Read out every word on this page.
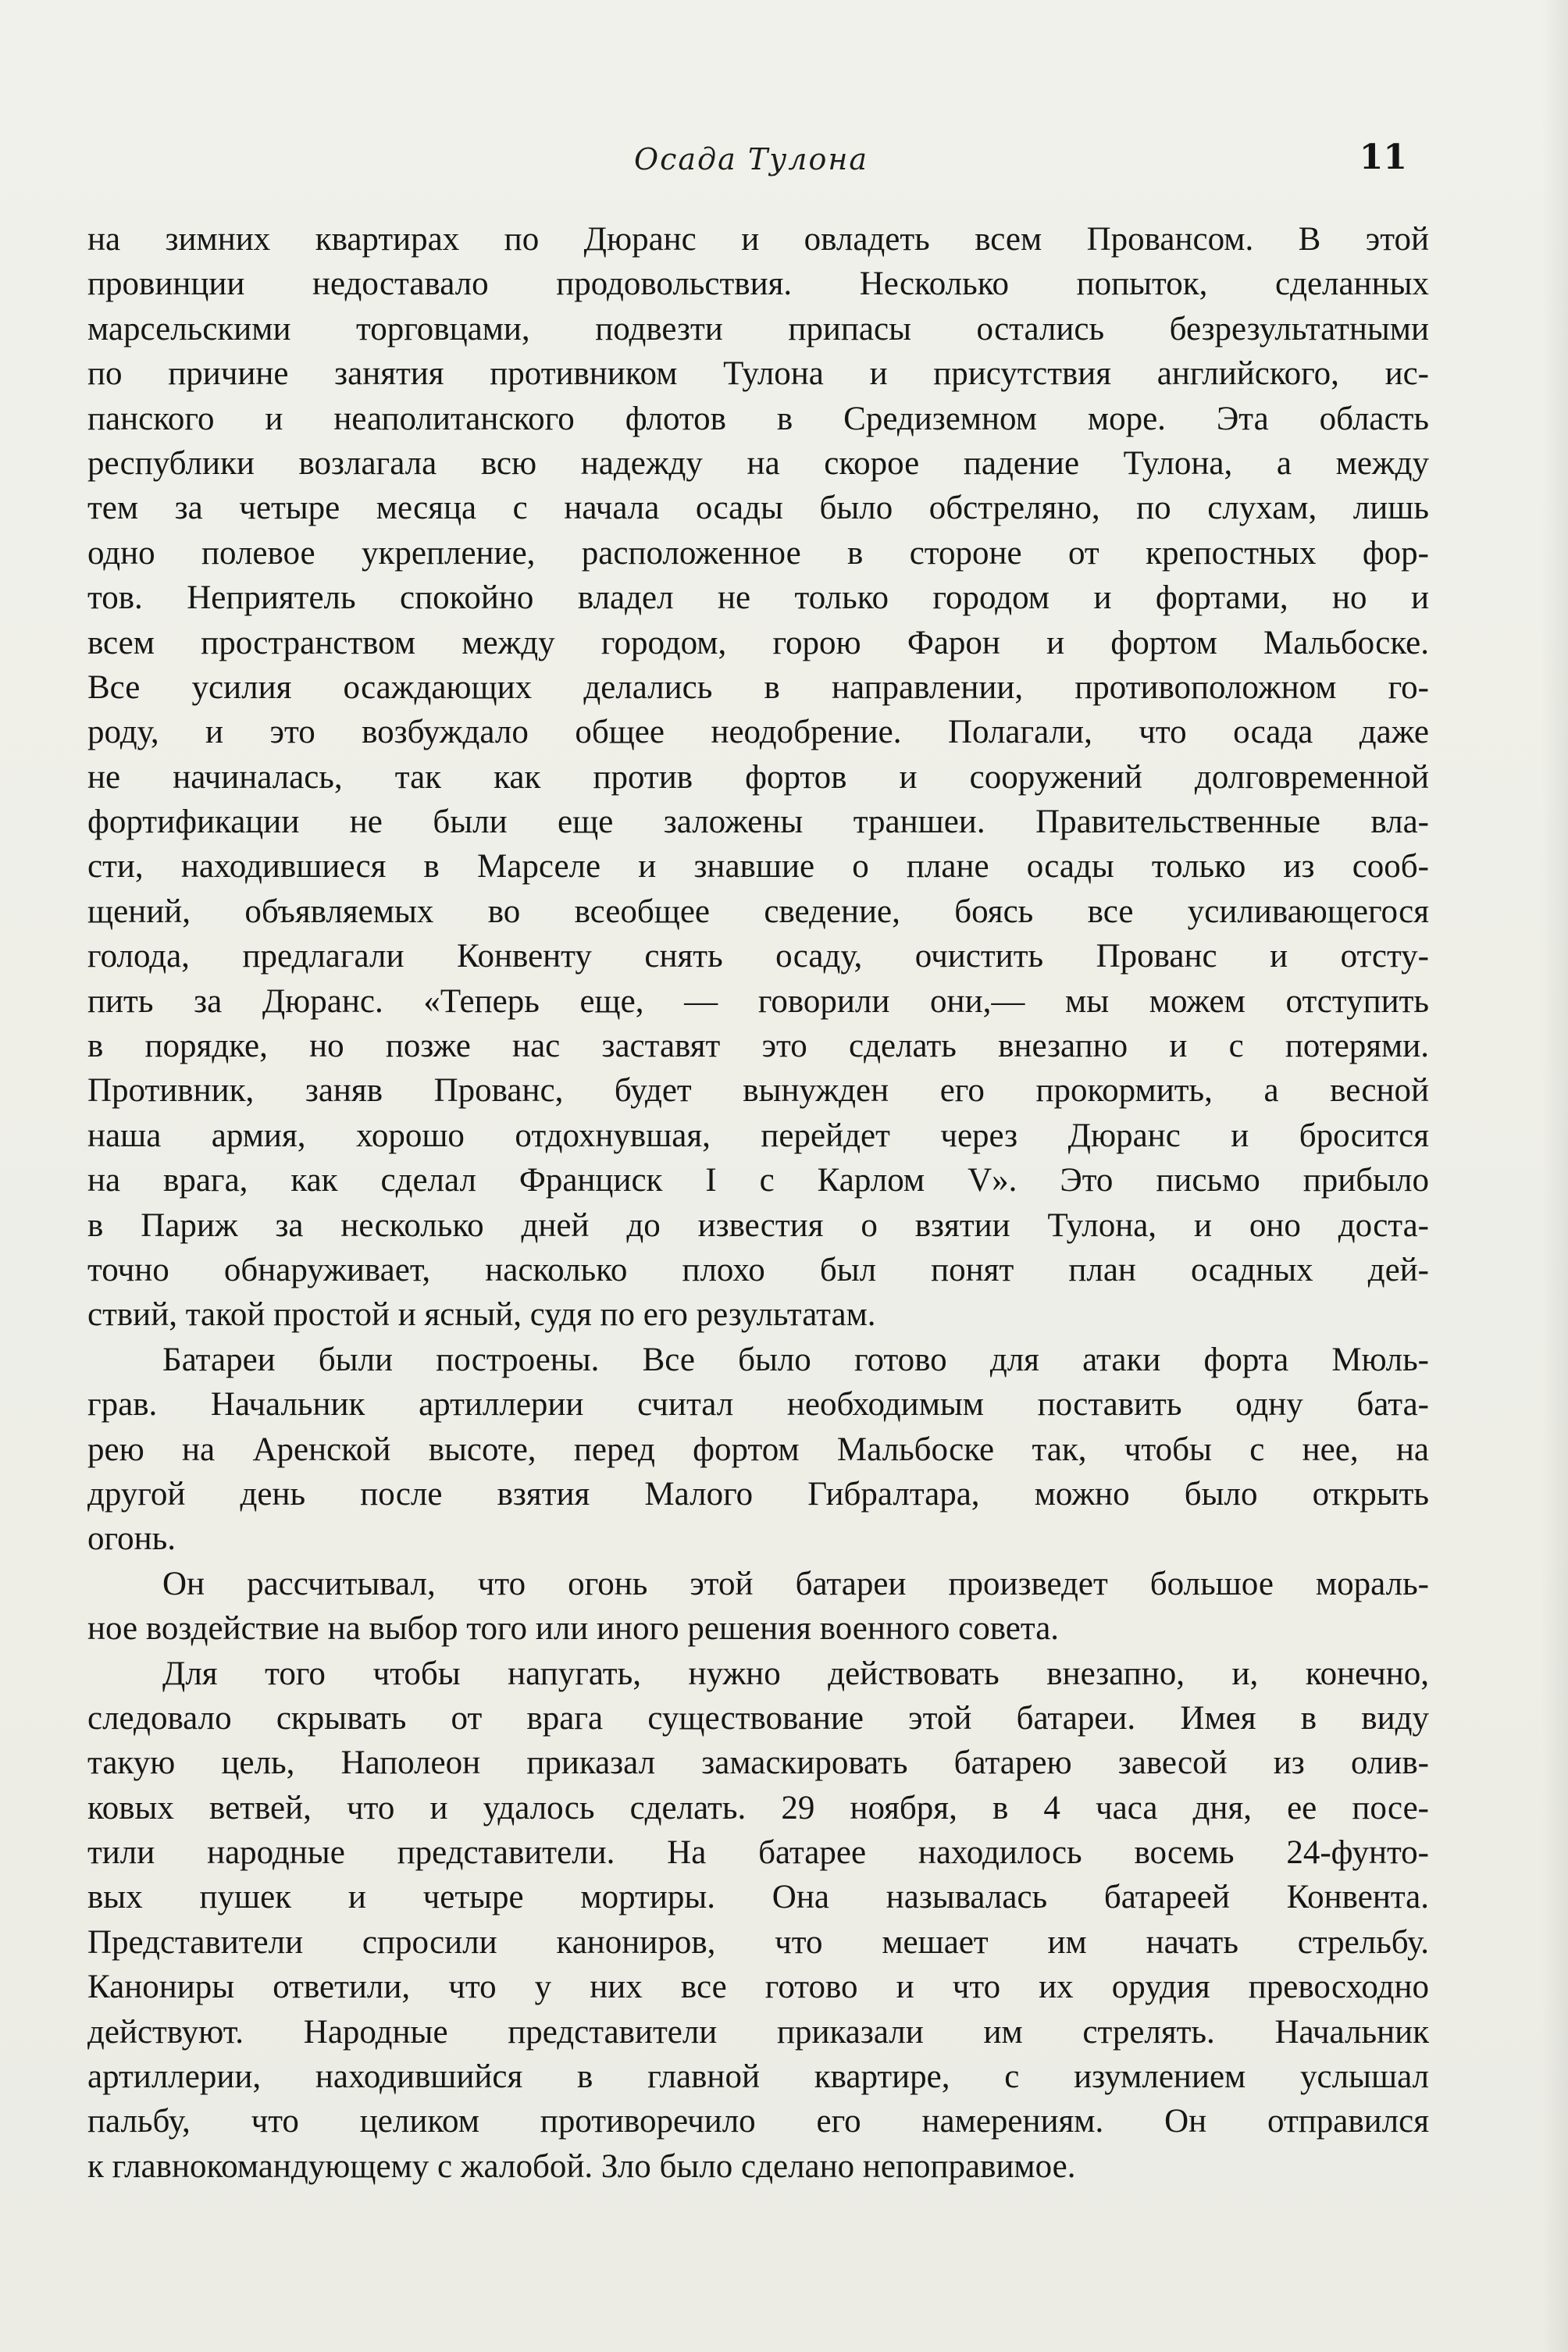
Осада Тулона	11
на зимних квартирах по Дюранс и овладеть всем Провансом. В этой
провинции недоставало продовольствия. Несколько попыток, сделанных
марсельскими торговцами, подвезти припасы остались безрезультатными
по причине занятия противником Тулона и присутствия английского, ис-
панского и неаполитанского флотов в Средиземном море. Эта область
республики возлагала всю надежду на скорое падение Тулона, а между
тем за четыре месяца с начала осады было обстреляно, по слухам, лишь
одно полевое укрепление, расположенное в стороне от крепостных фор-
тов. Неприятель спокойно владел не только городом и фортами, но и
всем пространством между городом, горою Фарон и фортом Мальбоске.
Все усилия осаждающих делались в направлении, противоположном го-
роду, и это возбуждало общее неодобрение. Полагали, что осада даже
не начиналась, так как против фортов и сооружений долговременной
фортификации не были еще заложены траншеи. Правительственные вла-
сти, находившиеся в Марселе и знавшие о плане осады только из сооб-
щений, объявляемых во всеобщее сведение, боясь все усиливающегося
голода, предлагали Конвенту снять осаду, очистить Прованс и отсту-
пить за Дюранс. «Теперь еще, — говорили они,— мы можем отступить
в порядке, но позже нас заставят это сделать внезапно и с потерями.
Противник, заняв Прованс, будет вынужден его прокормить, а весной
наша армия, хорошо отдохнувшая, перейдет через Дюранс и бросится
на врага, как сделал Франциск I с Карлом V». Это письмо прибыло
в Париж за несколько дней до известия о взятии Тулона, и оно доста-
точно обнаруживает, насколько плохо был понят план осадных дей-
ствий, такой простой и ясный, судя по его результатам.
Батареи были построены. Все было готово для атаки форта Мюль-
грав. Начальник артиллерии считал необходимым поставить одну бата-
рею на Аренской высоте, перед фортом Мальбоске так, чтобы с нее, на
другой день после взятия Малого Гибралтара, можно было открыть
огонь.
Он рассчитывал, что огонь этой батареи произведет большое мораль-
ное воздействие на выбор того или иного решения военного совета.
Для того чтобы напугать, нужно действовать внезапно, и, конечно,
следовало скрывать от врага существование этой батареи. Имея в виду
такую цель, Наполеон приказал замаскировать батарею завесой из олив-
ковых ветвей, что и удалось сделать. 29 ноября, в 4 часа дня, ее посе-
тили народные представители. На батарее находилось восемь 24-фунто-
вых пушек и четыре мортиры. Она называлась батареей Конвента.
Представители спросили канониров, что мешает им начать стрельбу.
Канониры ответили, что у них все готово и что их орудия превосходно
действуют. Народные представители приказали им стрелять. Начальник
артиллерии, находившийся в главной квартире, с изумлением услышал
пальбу, что целиком противоречило его намерениям. Он отправился
к главнокомандующему с жалобой. Зло было сделано непоправимое.
